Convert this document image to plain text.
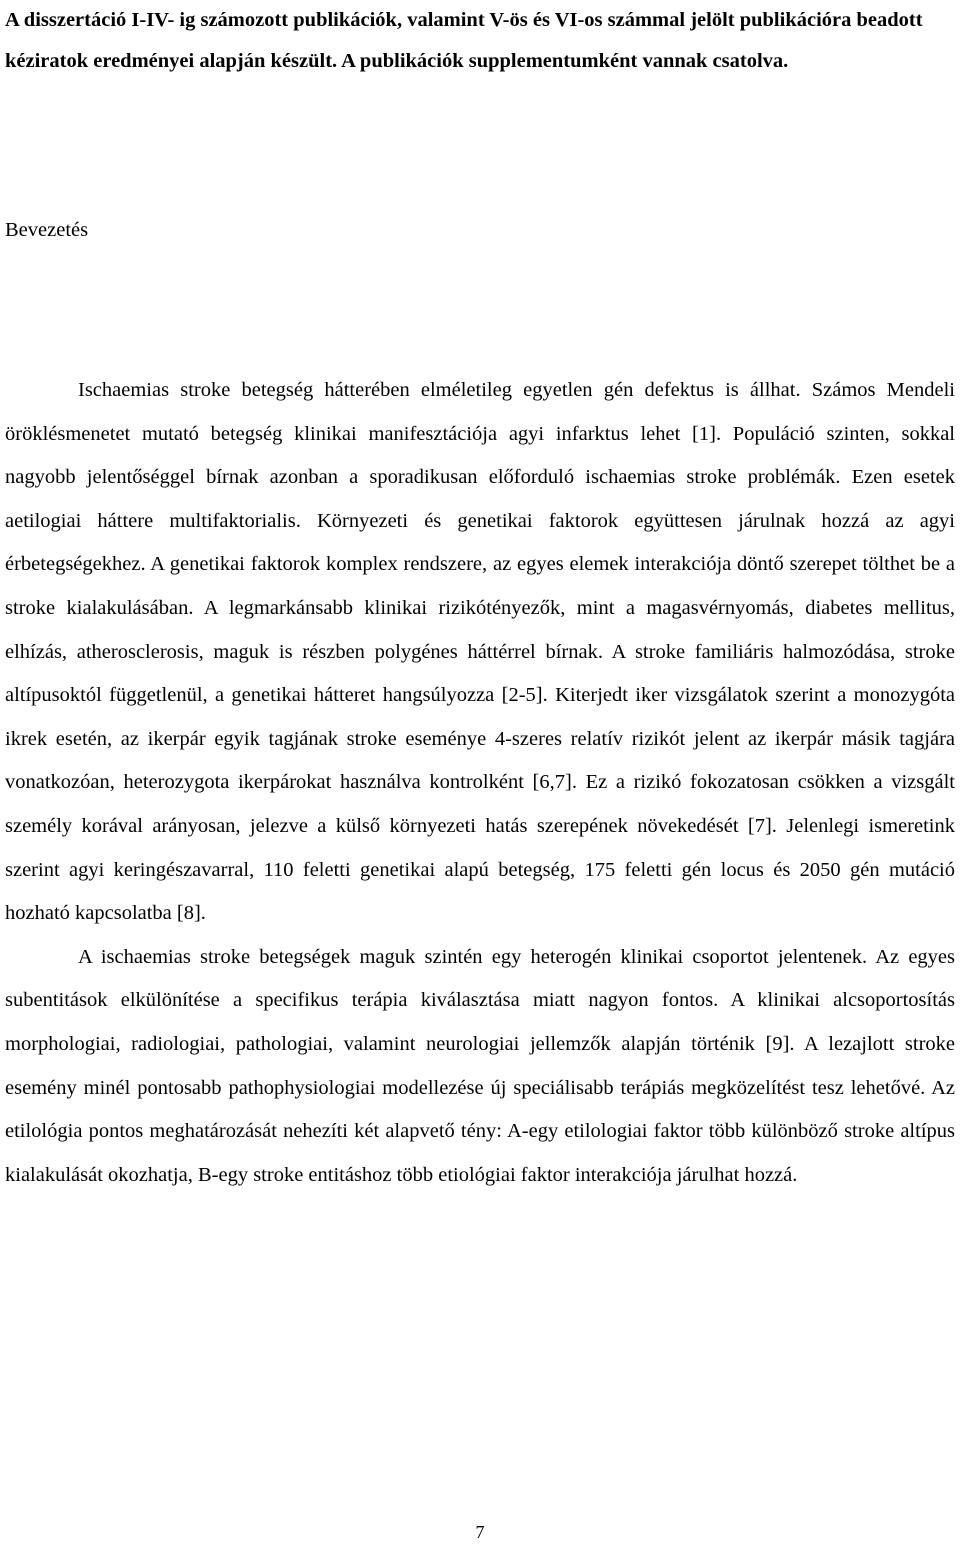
A disszertáció I-IV- ig számozott publikációk, valamint V-ös és VI-os számmal jelölt publikációra beadott kéziratok eredményei alapján készült. A publikációk supplementumként vannak csatolva.

Bevezetés

Ischaemias stroke betegség hátterében elméletileg egyetlen gén defektus is állhat. Számos Mendeli öröklésmenetet mutató betegség klinikai manifesztációja agyi infarktus lehet [1]. Populáció szinten, sokkal nagyobb jelentőséggel bírnak azonban a sporadikusan előforduló ischaemias stroke problémák. Ezen esetek aetilogiai háttere multifaktorialis. Környezeti és genetikai faktorok együttesen járulnak hozzá az agyi érbetegségekhez. A genetikai faktorok komplex rendszere, az egyes elemek interakciója döntő szerepet tölthet be a stroke kialakulásában. A legmarkánsabb klinikai rizikótényezők, mint a magasvérnyomás, diabetes mellitus, elhízás, atherosclerosis, maguk is részben polygénes háttérrel bírnak. A stroke familiáris halmozódása, stroke altípusoktól függetlenül, a genetikai hátteret hangsúlyozza [2-5]. Kiterjedt iker vizsgálatok szerint a monozygóta ikrek esetén, az ikerpár egyik tagjának stroke eseménye 4-szeres relatív rizikót jelent az ikerpár másik tagjára vonatkozóan, heterozygota ikerpárokat használva kontrolként [6,7]. Ez a rizikó fokozatosan csökken a vizsgált személy korával arányosan, jelezve a külső környezeti hatás szerepének növekedését [7]. Jelenlegi ismeretink szerint agyi keringészavarral, 110 feletti genetikai alapú betegség, 175 feletti gén locus és 2050 gén mutáció hozható kapcsolatba [8].

A ischaemias stroke betegségek maguk szintén egy heterogén klinikai csoportot jelentenek. Az egyes subentitások elkülönítése a specifikus terápia kiválasztása miatt nagyon fontos. A klinikai alcsoportosítás morphologiai, radiologiai, pathologiai, valamint neurologiai jellemzők alapján történik [9]. A lezajlott stroke esemény minél pontosabb pathophysiologiai modellezése új speciálisabb terápiás megközelítést tesz lehetővé. Az etilológia pontos meghatározását nehezíti két alapvető tény: A-egy etilologiai faktor több különböző stroke altípus kialakulását okozhatja, B-egy stroke entitáshoz több etiológiai faktor interakciója járulhat hozzá.

7
